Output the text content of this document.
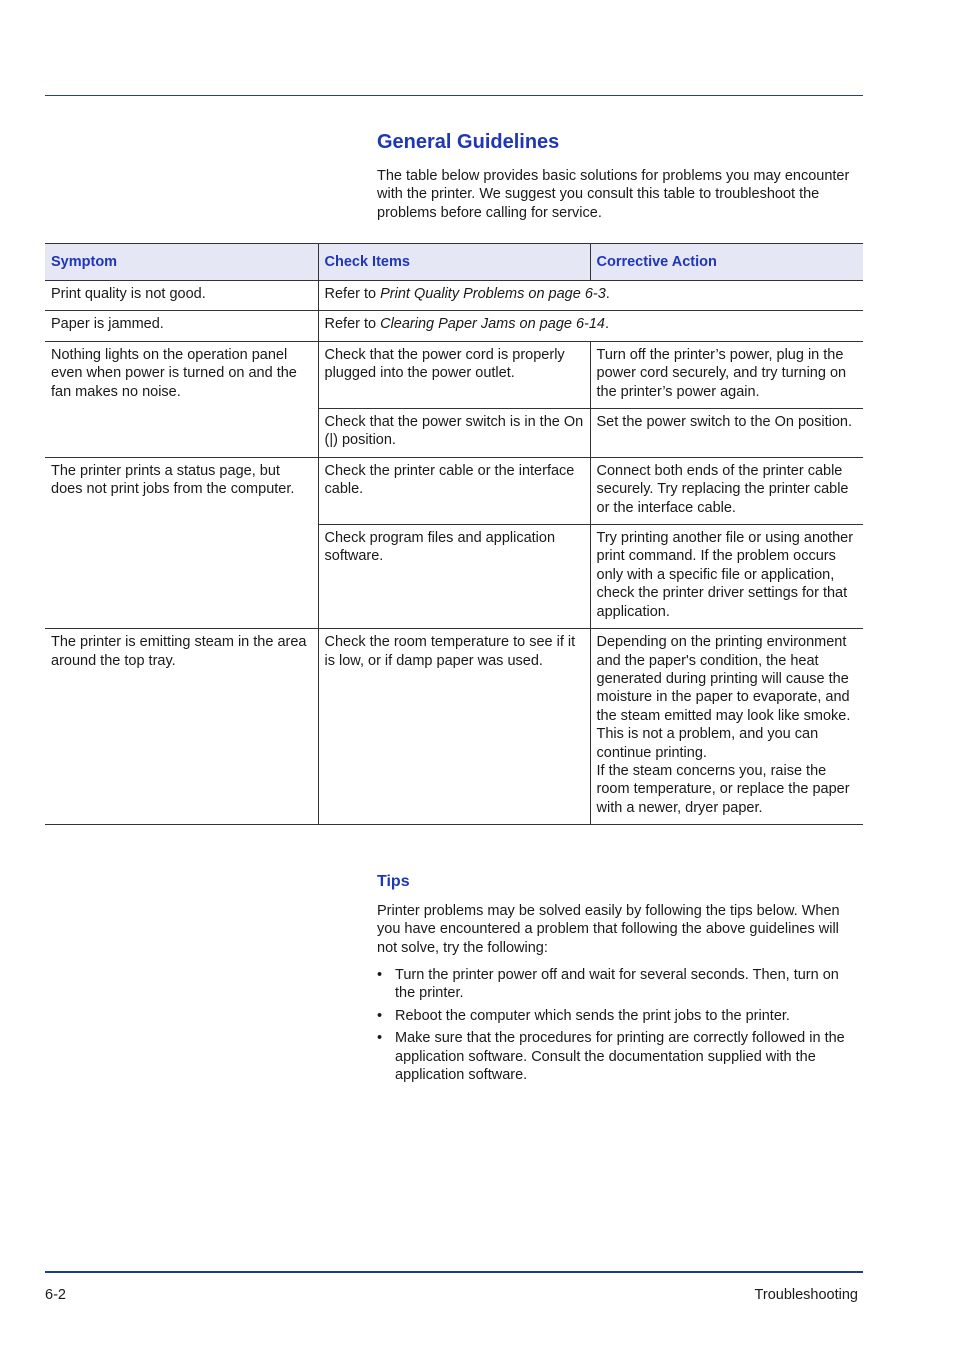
General Guidelines

The table below provides basic solutions for problems you may encounter with the printer. We suggest you consult this table to troubleshoot the problems before calling for service.

Symptom	Check Items	Corrective Action
Print quality is not good.	Refer to Print Quality Problems on page 6-3.	
Paper is jammed.	Refer to Clearing Paper Jams on page 6-14.	
Nothing lights on the operation panel even when power is turned on and the fan makes no noise.	Check that the power cord is properly plugged into the power outlet.	Turn off the printer’s power, plug in the power cord securely, and try turning on the printer’s power again.
	Check that the power switch is in the On (|) position.	Set the power switch to the On position.
The printer prints a status page, but does not print jobs from the computer.	Check the printer cable or the interface cable.	Connect both ends of the printer cable securely. Try replacing the printer cable or the interface cable.
	Check program files and application software.	Try printing another file or using another print command. If the problem occurs only with a specific file or application, check the printer driver settings for that application.
The printer is emitting steam in the area around the top tray.	Check the room temperature to see if it is low, or if damp paper was used.	Depending on the printing environment and the paper's condition, the heat generated during printing will cause the moisture in the paper to evaporate, and the steam emitted may look like smoke. This is not a problem, and you can continue printing.
If the steam concerns you, raise the room temperature, or replace the paper with a newer, dryer paper.
Tips

Printer problems may be solved easily by following the tips below. When you have encountered a problem that following the above guidelines will not solve, try the following:

• Turn the printer power off and wait for several seconds. Then, turn on the printer.
• Reboot the computer which sends the print jobs to the printer.
• Make sure that the procedures for printing are correctly followed in the application software. Consult the documentation supplied with the application software.
6-2	Troubleshooting
